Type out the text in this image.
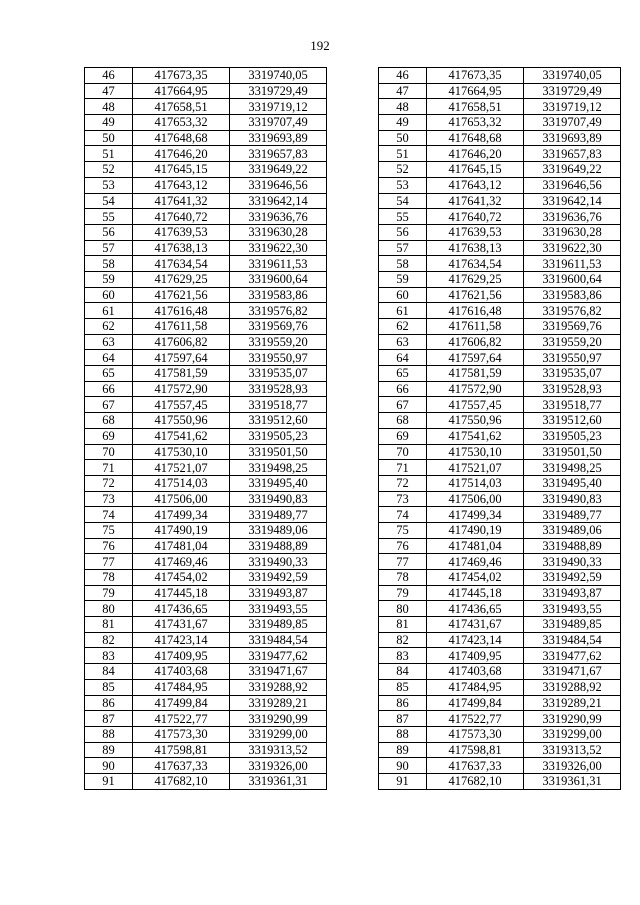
192
46	417673,35	3319740,05
47	417664,95	3319729,49
48	417658,51	3319719,12
49	417653,32	3319707,49
50	417648,68	3319693,89
51	417646,20	3319657,83
52	417645,15	3319649,22
53	417643,12	3319646,56
54	417641,32	3319642,14
55	417640,72	3319636,76
56	417639,53	3319630,28
57	417638,13	3319622,30
58	417634,54	3319611,53
59	417629,25	3319600,64
60	417621,56	3319583,86
61	417616,48	3319576,82
62	417611,58	3319569,76
63	417606,82	3319559,20
64	417597,64	3319550,97
65	417581,59	3319535,07
66	417572,90	3319528,93
67	417557,45	3319518,77
68	417550,96	3319512,60
69	417541,62	3319505,23
70	417530,10	3319501,50
71	417521,07	3319498,25
72	417514,03	3319495,40
73	417506,00	3319490,83
74	417499,34	3319489,77
75	417490,19	3319489,06
76	417481,04	3319488,89
77	417469,46	3319490,33
78	417454,02	3319492,59
79	417445,18	3319493,87
80	417436,65	3319493,55
81	417431,67	3319489,85
82	417423,14	3319484,54
83	417409,95	3319477,62
84	417403,68	3319471,67
85	417484,95	3319288,92
86	417499,84	3319289,21
87	417522,77	3319290,99
88	417573,30	3319299,00
89	417598,81	3319313,52
90	417637,33	3319326,00
91	417682,10	3319361,31
46	417673,35	3319740,05
47	417664,95	3319729,49
48	417658,51	3319719,12
49	417653,32	3319707,49
50	417648,68	3319693,89
51	417646,20	3319657,83
52	417645,15	3319649,22
53	417643,12	3319646,56
54	417641,32	3319642,14
55	417640,72	3319636,76
56	417639,53	3319630,28
57	417638,13	3319622,30
58	417634,54	3319611,53
59	417629,25	3319600,64
60	417621,56	3319583,86
61	417616,48	3319576,82
62	417611,58	3319569,76
63	417606,82	3319559,20
64	417597,64	3319550,97
65	417581,59	3319535,07
66	417572,90	3319528,93
67	417557,45	3319518,77
68	417550,96	3319512,60
69	417541,62	3319505,23
70	417530,10	3319501,50
71	417521,07	3319498,25
72	417514,03	3319495,40
73	417506,00	3319490,83
74	417499,34	3319489,77
75	417490,19	3319489,06
76	417481,04	3319488,89
77	417469,46	3319490,33
78	417454,02	3319492,59
79	417445,18	3319493,87
80	417436,65	3319493,55
81	417431,67	3319489,85
82	417423,14	3319484,54
83	417409,95	3319477,62
84	417403,68	3319471,67
85	417484,95	3319288,92
86	417499,84	3319289,21
87	417522,77	3319290,99
88	417573,30	3319299,00
89	417598,81	3319313,52
90	417637,33	3319326,00
91	417682,10	3319361,31
